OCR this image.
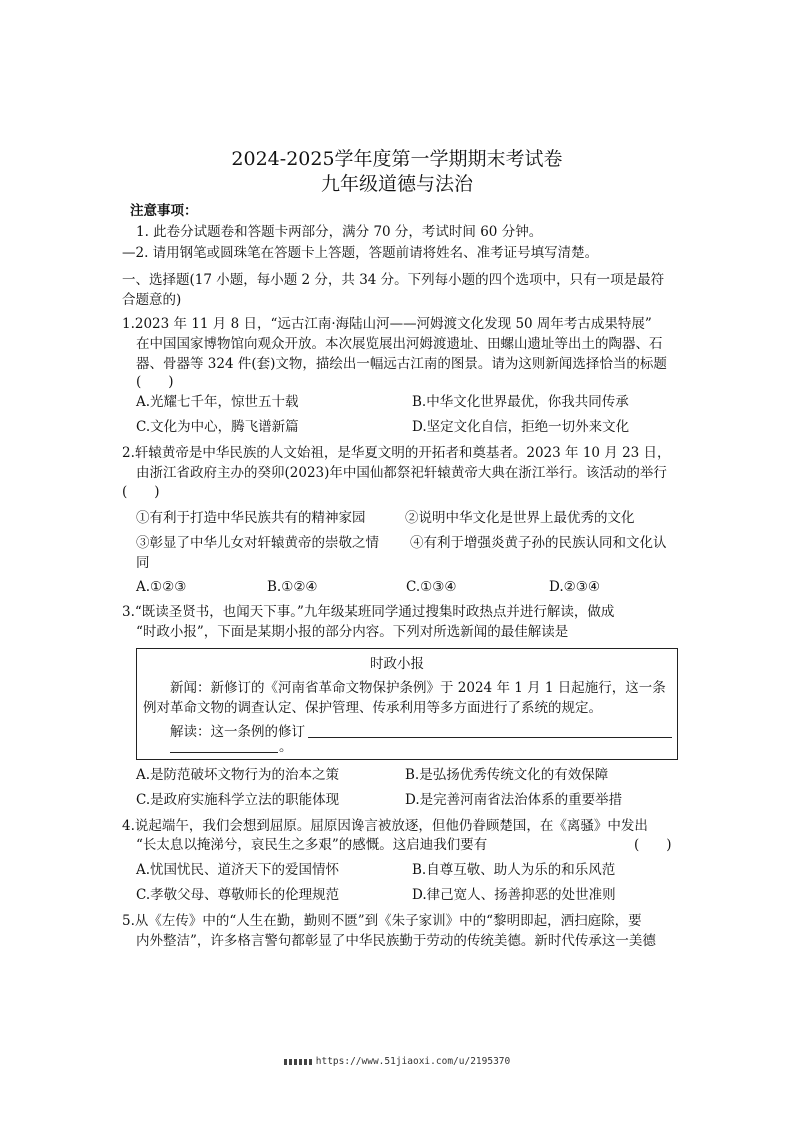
2024-2025学年度第一学期期末考试卷
九年级道德与法治
注意事项：
1. 此卷分试题卷和答题卡两部分，满分 70 分，考试时间 60 分钟。
—2. 请用钢笔或圆珠笔在答题卡上答题，答题前请将姓名、准考证号填写清楚。
一、选择题(17 小题，每小题 2 分，共 34 分。下列每小题的四个选项中，只有一项是最符
合题意的)
1.2023 年 11 月 8 日，“远古江南·海陆山河——河姆渡文化发现 50 周年考古成果特展”
在中国国家博物馆向观众开放。本次展览展出河姆渡遗址、田螺山遗址等出土的陶器、石
器、骨器等 324 件(套)文物，描绘出一幅远古江南的图景。请为这则新闻选择恰当的标题
(　　)
A.光耀七千年，惊世五十载	B.中华文化世界最优，你我共同传承
C.文化为中心，腾飞谱新篇	D.坚定文化自信，拒绝一切外来文化
2.轩辕黄帝是中华民族的人文始祖，是华夏文明的开拓者和奠基者。2023 年 10 月 23 日，
由浙江省政府主办的癸卯(2023)年中国仙都祭祀轩辕黄帝大典在浙江举行。该活动的举行
(　　)
①有利于打造中华民族共有的精神家园	②说明中华文化是世界上最优秀的文化
③彰显了中华儿女对轩辕黄帝的崇敬之情 ④有利于增强炎黄子孙的民族认同和文化认
同
A.①②③	B.①②④	C.①③④	D.②③④
3.“既读圣贤书，也闻天下事。”九年级某班同学通过搜集时政热点并进行解读，做成
“时政小报”，下面是某期小报的部分内容。下列对所选新闻的最佳解读是
时政小报
新闻：新修订的《河南省革命文物保护条例》于 2024 年 1 月 1 日起施行，这一条
例对革命文物的调查认定、保护管理、传承利用等多方面进行了系统的规定。
解读：这一条例的修订
。
A.是防范破坏文物行为的治本之策	B.是弘扬优秀传统文化的有效保障
C.是政府实施科学立法的职能体现	D.是完善河南省法治体系的重要举措
4.说起端午，我们会想到屈原。屈原因谗言被放逐，但他仍眷顾楚国，在《离骚》中发出
“长太息以掩涕兮，哀民生之多艰”的感慨。这启迪我们要有	(　　)
A.忧国忧民、道济天下的爱国情怀	B.自尊互敬、助人为乐的和乐风范
C.孝敬父母、尊敬师长的伦理规范	D.律己宽人、扬善抑恶的处世准则
5.从《左传》中的“人生在勤，勤则不匮”到《朱子家训》中的“黎明即起，洒扫庭除，要
内外整洁”，许多格言警句都彰显了中华民族勤于劳动的传统美德。新时代传承这一美德
https://www.51jiaoxi.com/u/2195370
